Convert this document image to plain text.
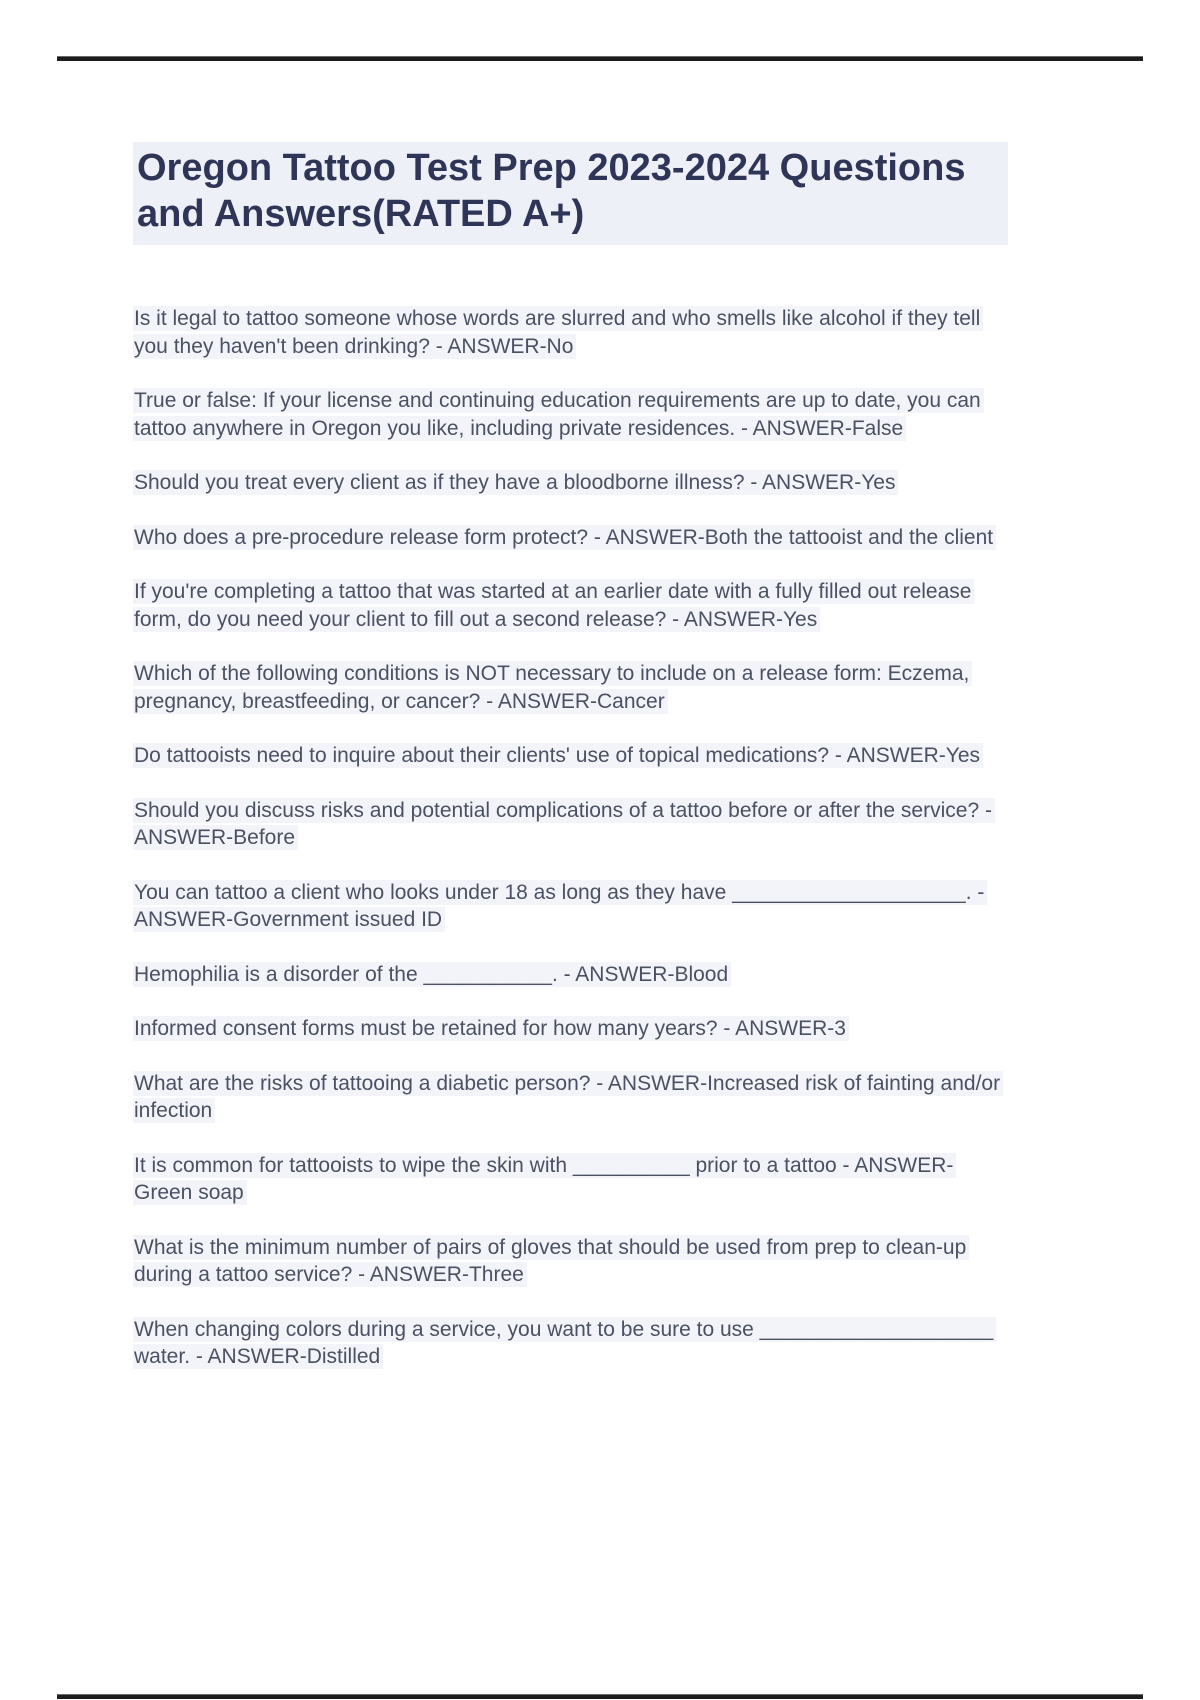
Oregon Tattoo Test Prep 2023-2024 Questions and Answers(RATED A+)

Is it legal to tattoo someone whose words are slurred and who smells like alcohol if they tell you they haven't been drinking? - ANSWER-No

True or false: If your license and continuing education requirements are up to date, you can tattoo anywhere in Oregon you like, including private residences. - ANSWER-False

Should you treat every client as if they have a bloodborne illness? - ANSWER-Yes

Who does a pre-procedure release form protect? - ANSWER-Both the tattooist and the client

If you're completing a tattoo that was started at an earlier date with a fully filled out release form, do you need your client to fill out a second release? - ANSWER-Yes

Which of the following conditions is NOT necessary to include on a release form: Eczema, pregnancy, breastfeeding, or cancer? - ANSWER-Cancer

Do tattooists need to inquire about their clients' use of topical medications? - ANSWER-Yes

Should you discuss risks and potential complications of a tattoo before or after the service? - ANSWER-Before

You can tattoo a client who looks under 18 as long as they have ____________________. - ANSWER-Government issued ID

Hemophilia is a disorder of the ___________. - ANSWER-Blood

Informed consent forms must be retained for how many years? - ANSWER-3

What are the risks of tattooing a diabetic person? - ANSWER-Increased risk of fainting and/or infection

It is common for tattooists to wipe the skin with __________ prior to a tattoo - ANSWER-Green soap

What is the minimum number of pairs of gloves that should be used from prep to clean-up during a tattoo service? - ANSWER-Three

When changing colors during a service, you want to be sure to use ____________________ water. - ANSWER-Distilled
